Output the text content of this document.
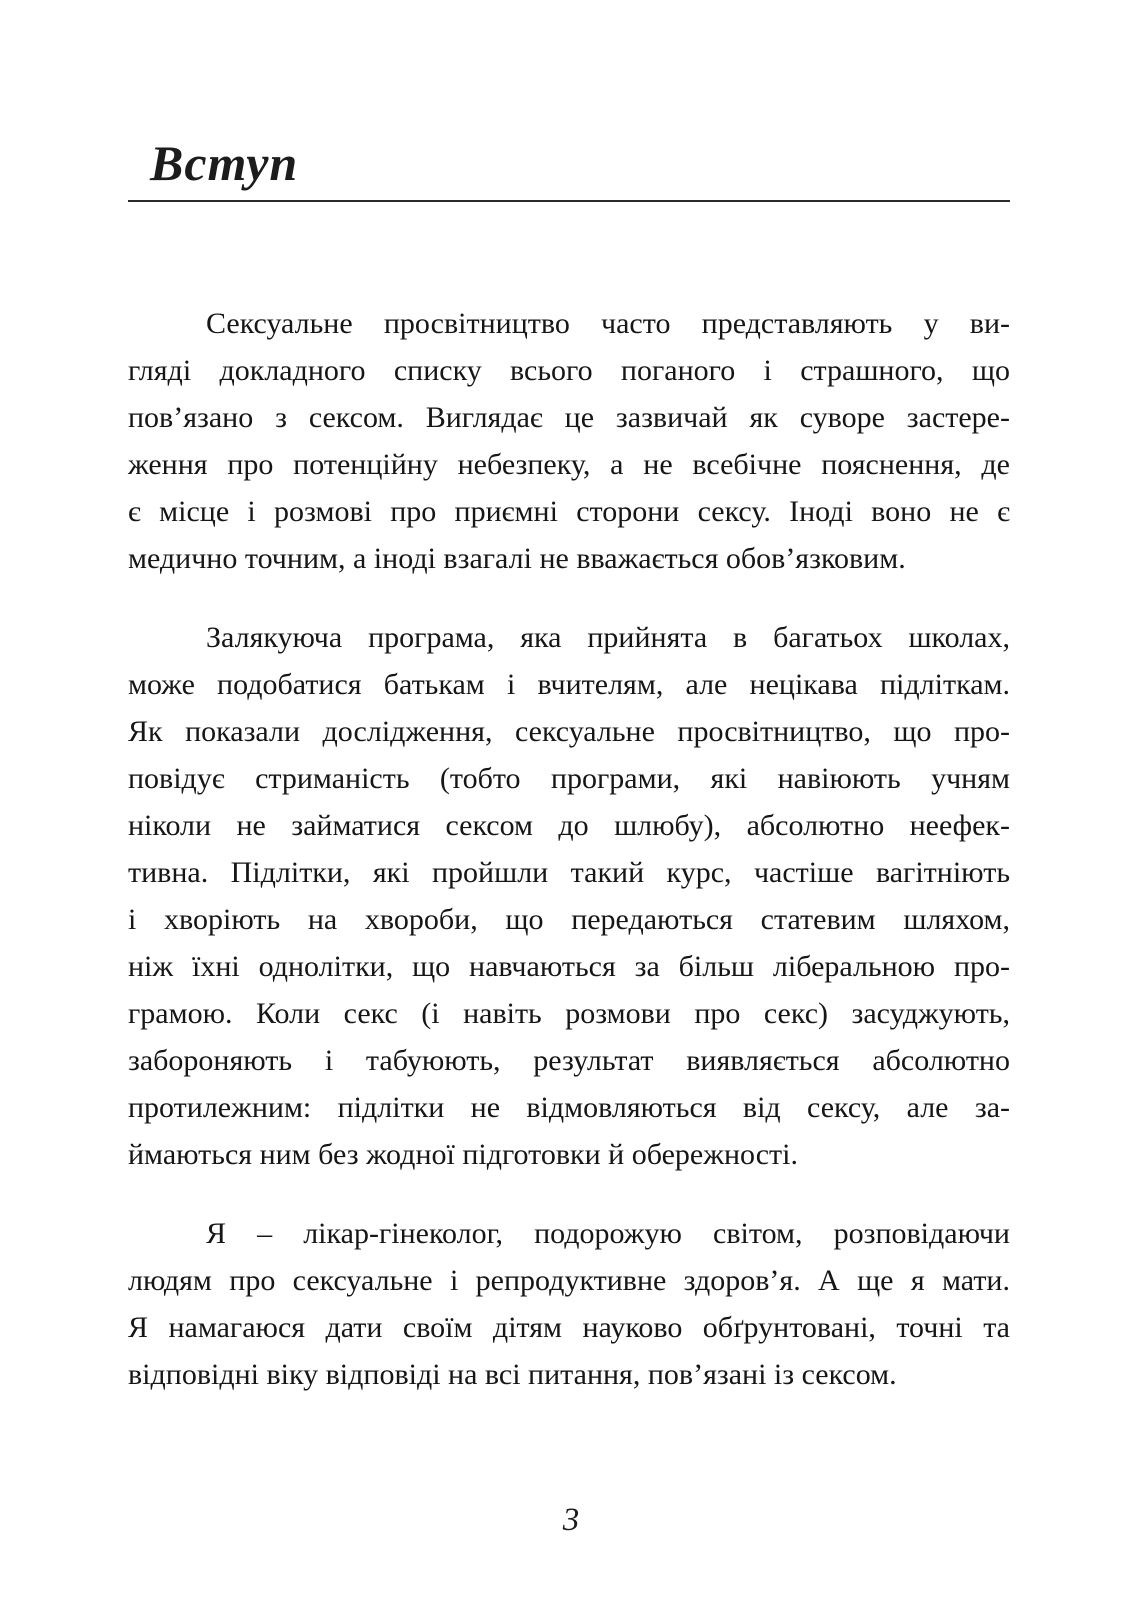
Вступ
Сексуальне просвітництво часто представляють у ви-
гляді докладного списку всього поганого і страшного, що
пов’язано з сексом. Виглядає це зазвичай як суворе застере-
ження про потенційну небезпеку, а не всебічне пояснення, де
є місце і розмові про приємні сторони сексу. Іноді воно не є
медично точним, а іноді взагалі не вважається обов’язковим.
Залякуюча програма, яка прийнята в багатьох школах,
може подобатися батькам і вчителям, але нецікава підліткам.
Як показали дослідження, сексуальне просвітництво, що про-
повідує стриманість (тобто програми, які навіюють учням
ніколи не займатися сексом до шлюбу), абсолютно неефек-
тивна. Підлітки, які пройшли такий курс, частіше вагітніють
і хворіють на хвороби, що передаються статевим шляхом,
ніж їхні однолітки, що навчаються за більш ліберальною про-
грамою. Коли секс (і навіть розмови про секс) засуджують,
забороняють і табуюють, результат виявляється абсолютно
протилежним: підлітки не відмовляються від сексу, але за-
ймаються ним без жодної підготовки й обережності.
Я – лікар-гінеколог, подорожую світом, розповідаючи
людям про сексуальне і репродуктивне здоров’я. А ще я мати.
Я намагаюся дати своїм дітям науково обґрунтовані, точні та
відповідні віку відповіді на всі питання, пов’язані із сексом.
3
